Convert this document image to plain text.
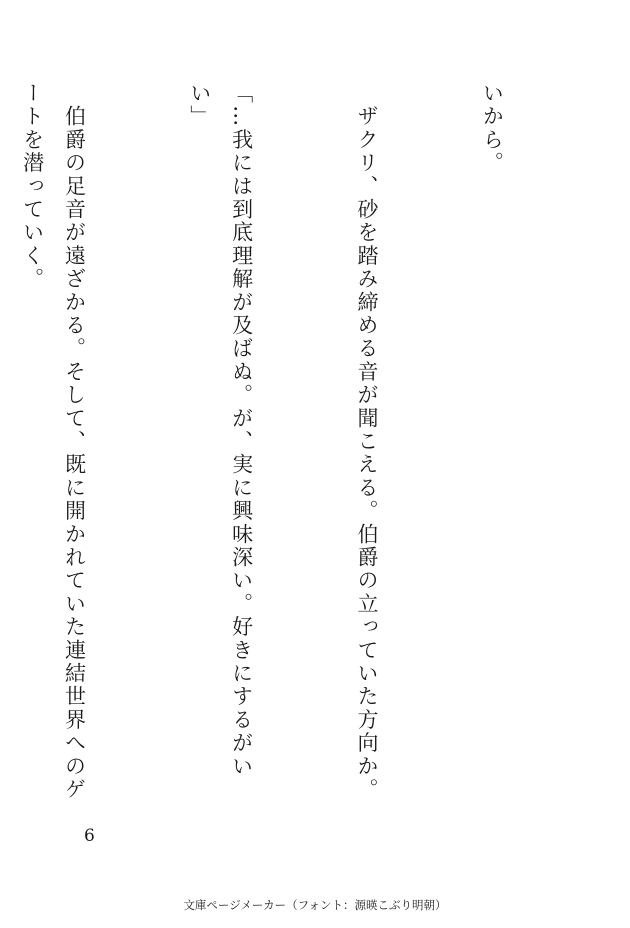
いから。

　ザクリ、砂を踏み締める音が聞こえる。伯爵の立っていた方向か。

「…我には到底理解が及ばぬ。が、実に興味深い。好きにするがいい」

　伯爵の足音が遠ざかる。そして、既に開かれていた連結世界へのゲートを潜っていく。

6
文庫ページメーカー（フォント：源暎こぶり明朝）
